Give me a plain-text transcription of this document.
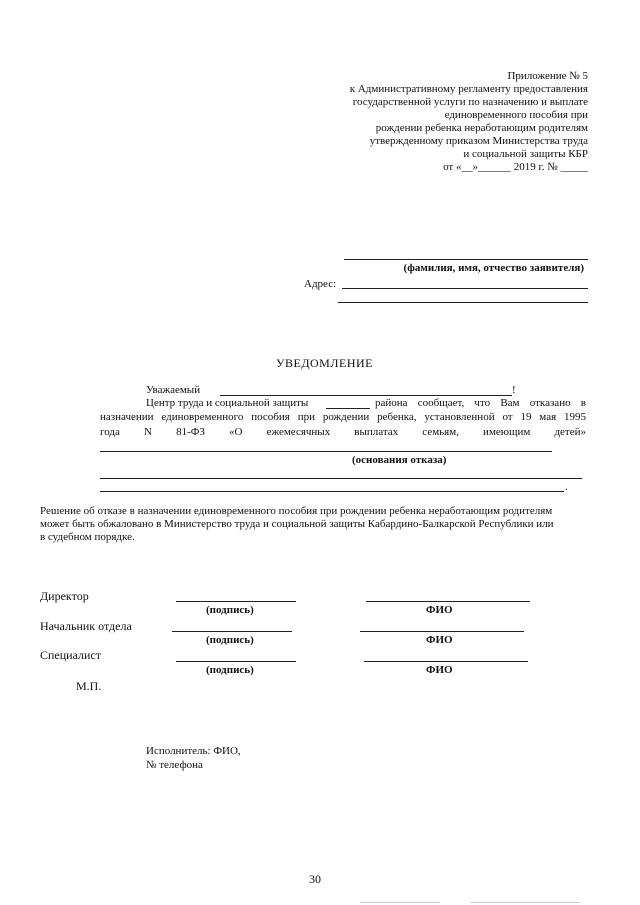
Приложение № 5
к Административному регламенту предоставления
государственной услуги по назначению и выплате
единовременного пособия при
рождении ребенка неработающим родителям
утвержденному приказом Министерства труда
и социальной защиты КБР
от «__»______ 2019 г. № _____
(фамилия, имя, отчество заявителя)
Адрес:
УВЕДОМЛЕНИЕ
Уважаемый	!
Центр труда и социальной защиты	района сообщает, что Вам отказано в
назначении единовременного пособия при рождении ребенка, установленной от 19 мая 1995
года N 81-ФЗ «О ежемесячных выплатах семьям, имеющим детей»
(основания отказа)
.
Решение об отказе в назначении единовременного пособия при рождении ребенка неработающим родителям
может быть обжаловано в Министерство труда и социальной защиты Кабардино-Балкарской Республики или
в судебном порядке.
Директор
(подпись)	ФИО
Начальник отдела
(подпись)	ФИО
Специалист
(подпись)	ФИО
М.П.
Исполнитель: ФИО,
№ телефона
30
